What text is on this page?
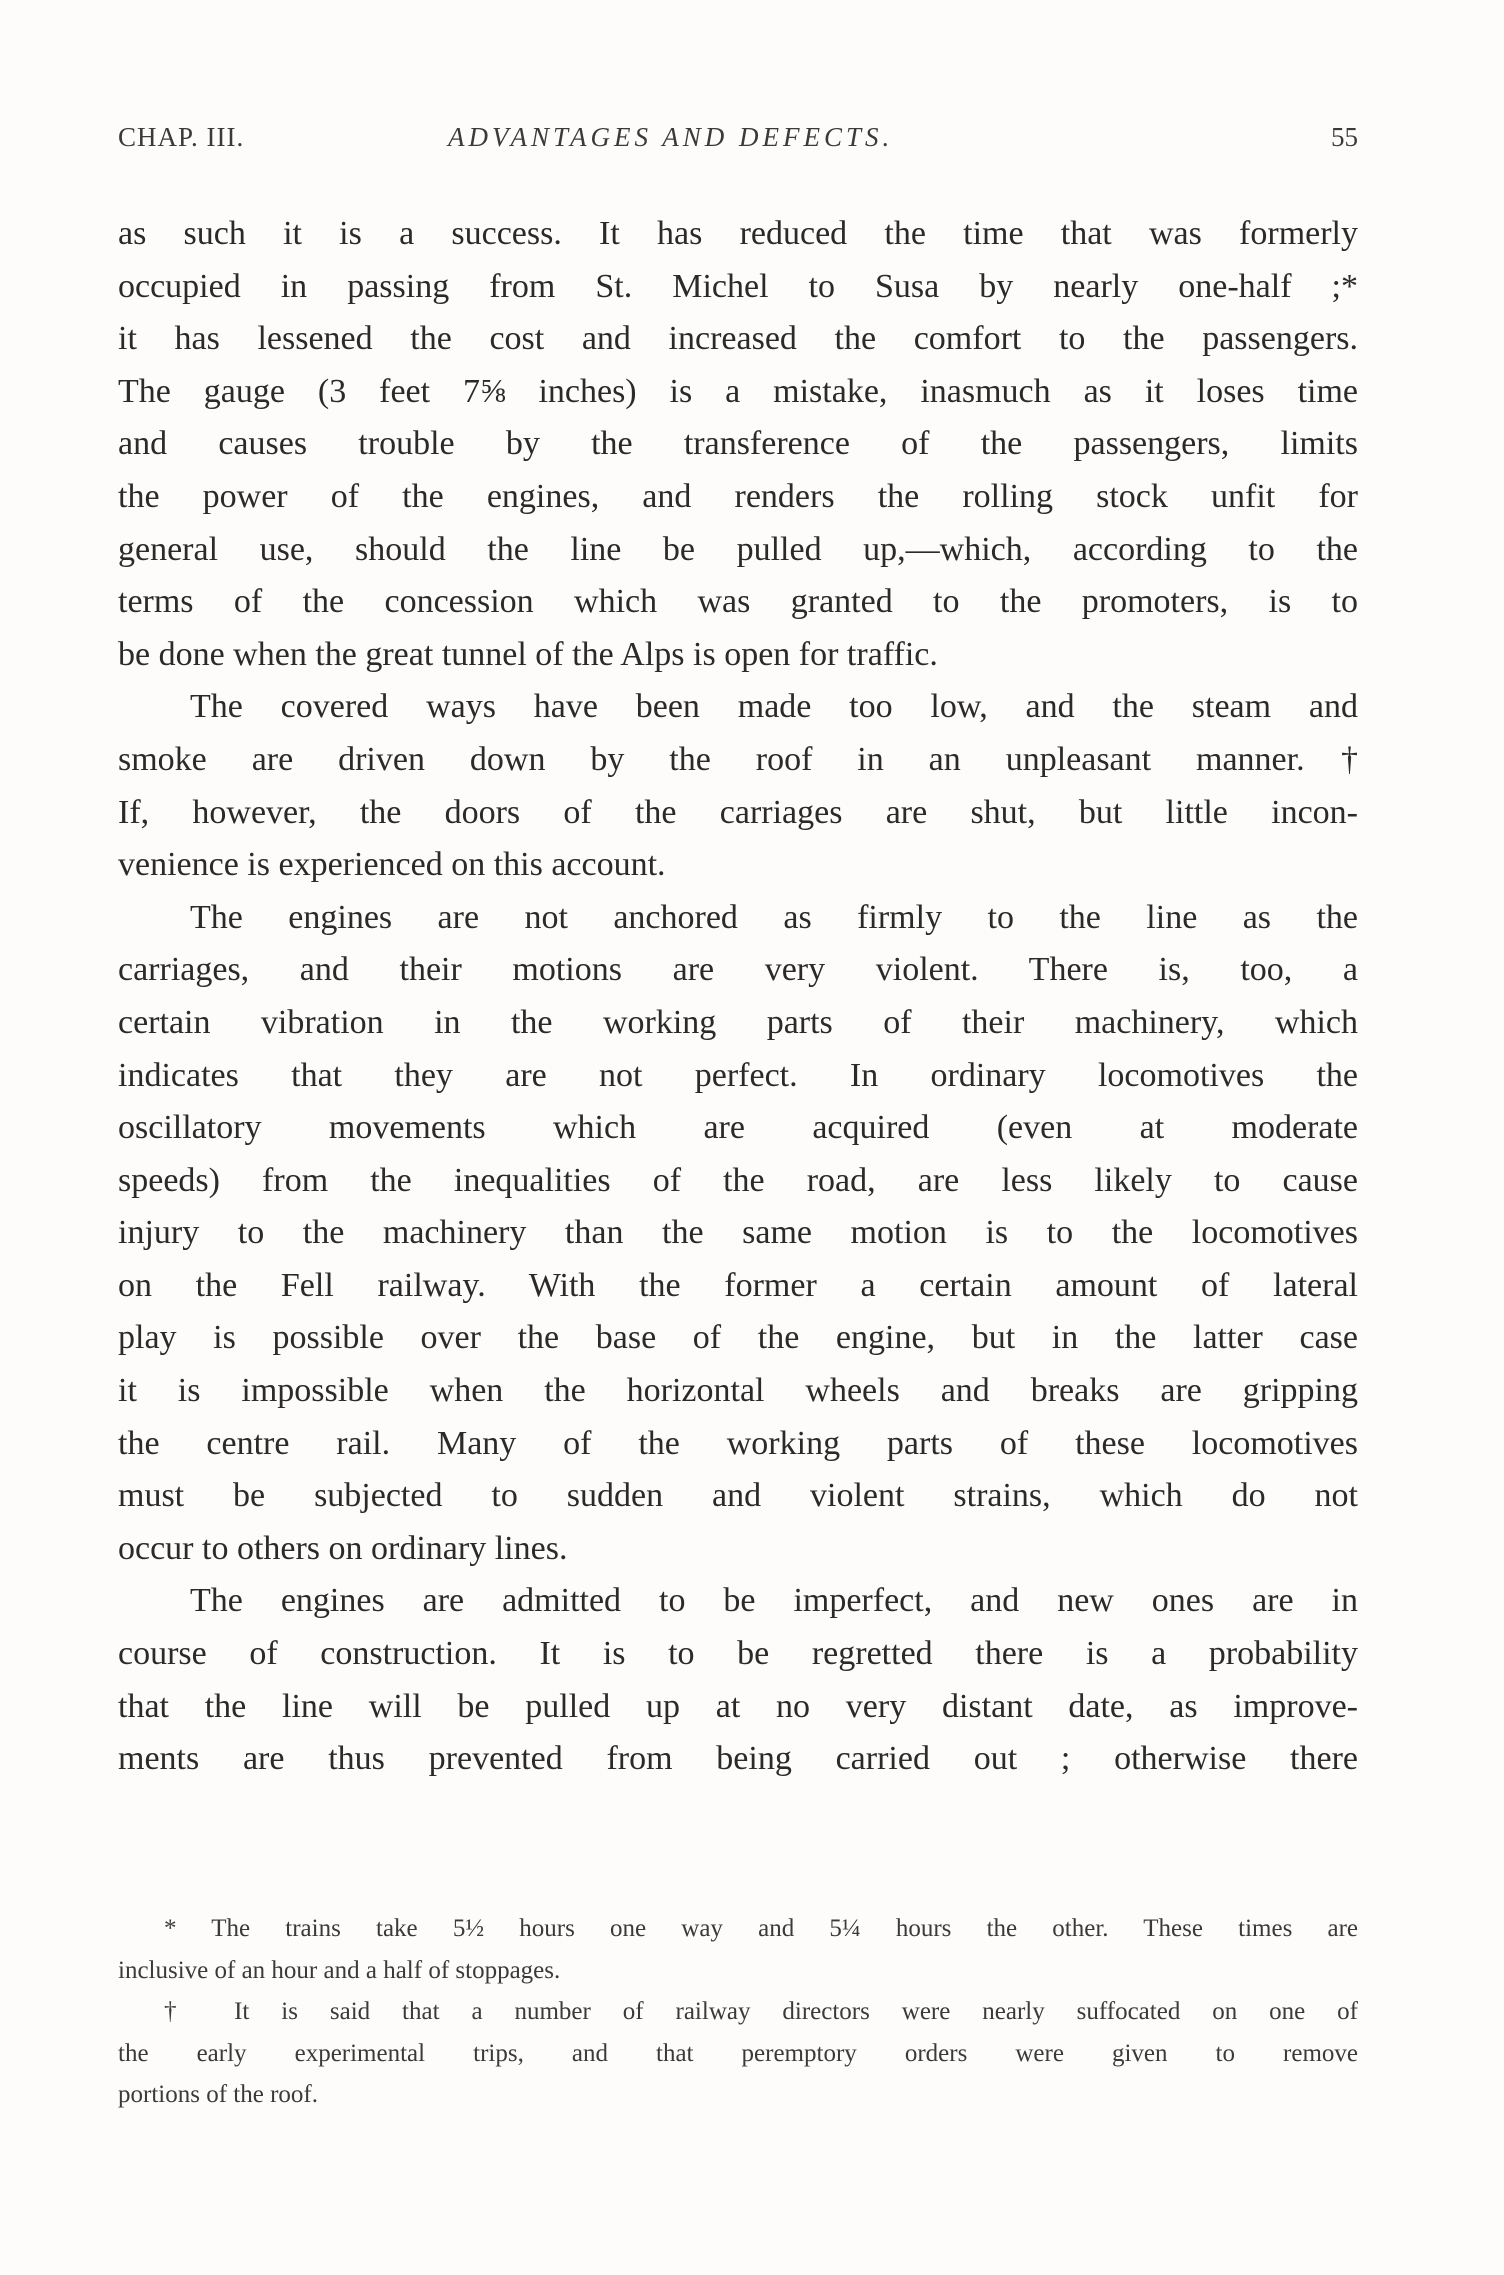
CHAP. III.	ADVANTAGES AND DEFECTS.	55
as such it is a success. It has reduced the time that was formerly
occupied in passing from St. Michel to Susa by nearly one-half ;*
it has lessened the cost and increased the comfort to the passengers.
The gauge (3 feet 7⅝ inches) is a mistake, inasmuch as it loses time
and causes trouble by the transference of the passengers, limits
the power of the engines, and renders the rolling stock unfit for
general use, should the line be pulled up,—which, according to the
terms of the concession which was granted to the promoters, is to
be done when the great tunnel of the Alps is open for traffic.
The covered ways have been made too low, and the steam and
smoke are driven down by the roof in an unpleasant manner.†
If, however, the doors of the carriages are shut, but little incon-
venience is experienced on this account.
The engines are not anchored as firmly to the line as the
carriages, and their motions are very violent. There is, too, a
certain vibration in the working parts of their machinery, which
indicates that they are not perfect. In ordinary locomotives the
oscillatory movements which are acquired (even at moderate
speeds) from the inequalities of the road, are less likely to cause
injury to the machinery than the same motion is to the locomotives
on the Fell railway. With the former a certain amount of lateral
play is possible over the base of the engine, but in the latter case
it is impossible when the horizontal wheels and breaks are gripping
the centre rail. Many of the working parts of these locomotives
must be subjected to sudden and violent strains, which do not
occur to others on ordinary lines.
The engines are admitted to be imperfect, and new ones are in
course of construction. It is to be regretted there is a probability
that the line will be pulled up at no very distant date, as improve-
ments are thus prevented from being carried out ; otherwise there
* The trains take 5½ hours one way and 5¼ hours the other. These times are
inclusive of an hour and a half of stoppages.
† It is said that a number of railway directors were nearly suffocated on one of
the early experimental trips, and that peremptory orders were given to remove
portions of the roof.
